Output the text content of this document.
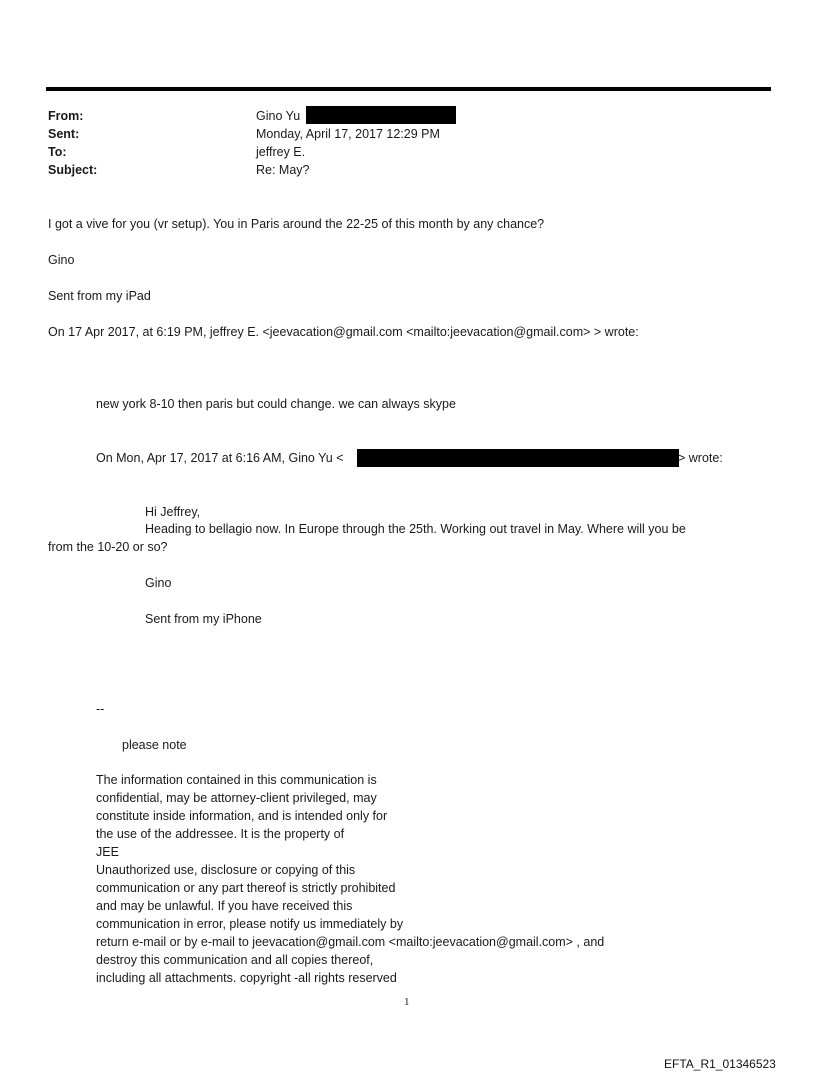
From:	Gino Yu
Sent:	Monday, April 17, 2017 12:29 PM
To:	jeffrey E.
Subject:	Re: May?
I got a vive for you (vr setup). You in Paris around the 22-25 of this month by any chance?
Gino
Sent from my iPad
On 17 Apr 2017, at 6:19 PM, jeffrey E. <jeevacation@gmail.com <mailto:jeevacation@gmail.com> > wrote:
new york 8-10 then paris but could change. we can always skype
On Mon, Apr 17, 2017 at 6:16 AM, Gino Yu <	> wrote:
Hi Jeffrey,
Heading to bellagio now. In Europe through the 25th. Working out travel in May. Where will you be
from the 10-20 or so?
Gino
Sent from my iPhone
--
please note
The information contained in this communication is
confidential, may be attorney-client privileged, may
constitute inside information, and is intended only for
the use of the addressee. It is the property of
JEE
Unauthorized use, disclosure or copying of this
communication or any part thereof is strictly prohibited
and may be unlawful. If you have received this
communication in error, please notify us immediately by
return e-mail or by e-mail to jeevacation@gmail.com <mailto:jeevacation@gmail.com> , and
destroy this communication and all copies thereof,
including all attachments. copyright -all rights reserved
1
EFTA_R1_01346523
